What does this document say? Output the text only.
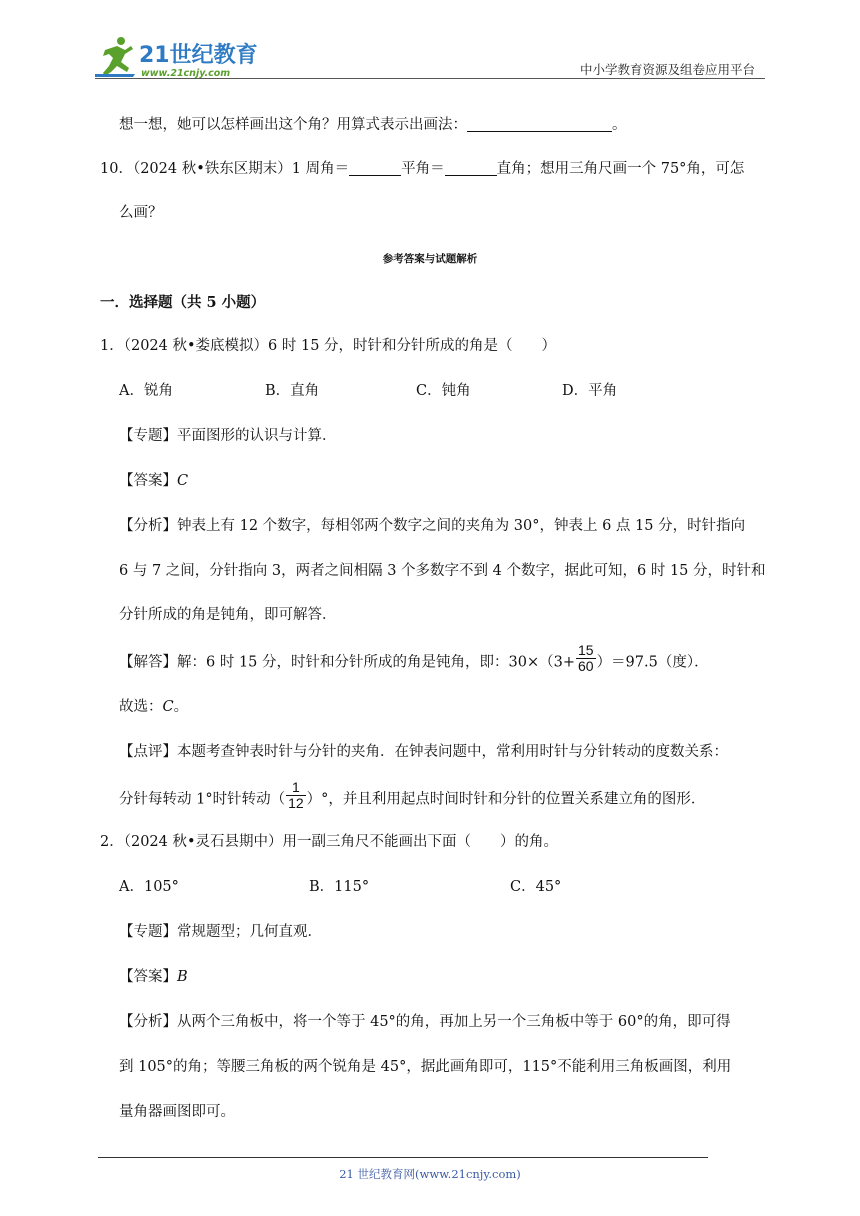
21世纪教育
www.21cnjy.com	中小学教育资源及组卷应用平台
想一想，她可以怎样画出这个角？用算式表示出画法：	。
10．（2024 秋•铁东区期末）1 周角＝	平角＝	直角；想用三角尺画一个 75°角，可怎
么画？
参考答案与试题解析
一．选择题（共 5 小题）
1．（2024 秋•娄底模拟）6 时 15 分，时针和分针所成的角是（　　）
A．锐角	B．直角	C．钝角	D．平角
【专题】平面图形的认识与计算．
【答案】C
【分析】钟表上有 12 个数字，每相邻两个数字之间的夹角为 30°，钟表上 6 点 15 分，时针指向
6 与 7 之间，分针指向 3，两者之间相隔 3 个多数字不到 4 个数字，据此可知，6 时 15 分，时针和
分针所成的角是钝角，即可解答．
【解答】解：6 时 15 分，时针和分针所成的角是钝角，即：$30\times(3+ \frac{15}{60} )=97.5$（度）．
故选：C。
【点评】本题考查钟表时针与分针的夹角．在钟表问题中，常利用时针与分针转动的度数关系：
分针每转动 1°时针转动（ $\frac{1}{12}$ ）°，并且利用起点时间时针和分针的位置关系建立角的图形．
2．（2024 秋•灵石县期中）用一副三角尺不能画出下面（　　）的角。
A．105°	B．115°	C．45°
【专题】常规题型；几何直观．
【答案】B
【分析】从两个三角板中，将一个等于 45°的角，再加上另一个三角板中等于 60°的角，即可得
到 105°的角；等腰三角板的两个锐角是 45°，据此画角即可，115°不能利用三角板画图，利用
量角器画图即可。
21 世纪教育网(www.21cnjy.com)
